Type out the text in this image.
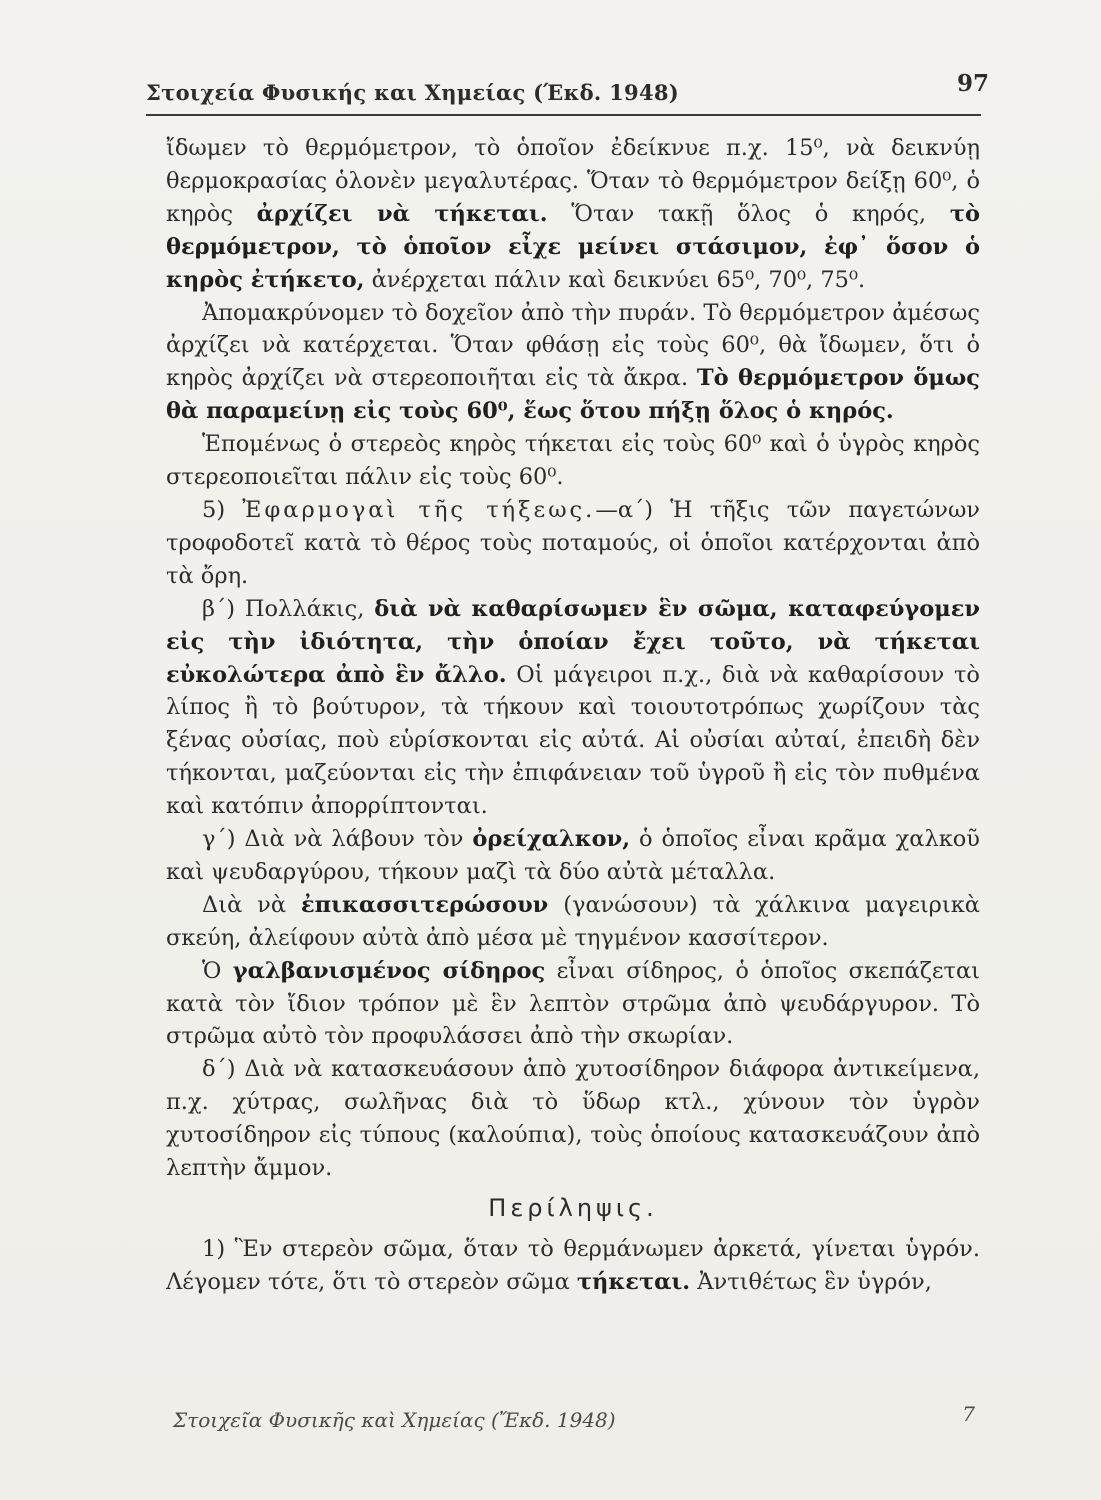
Στοιχεία Φυσικής και Χημείας (Έκδ. 1948)	97

ἴδωμεν τὸ θερμόμετρον, τὸ ὁποῖον ἐδείκνυε π.χ. 15⁰, νὰ δεικνύῃ θερμοκρασίας ὁλονὲν μεγαλυτέρας. Ὅταν τὸ θερμόμετρον δείξῃ 60⁰, ὁ κηρὸς ἀρχίζει νὰ τήκεται. Ὅταν τακῇ ὅλος ὁ κηρός, τὸ θερμόμετρον, τὸ ὁποῖον εἶχε μείνει στάσιμον, ἐφ᾽ ὅσον ὁ κηρὸς ἐτήκετο, ἀνέρχεται πάλιν καὶ δεικνύει 65⁰, 70⁰, 75⁰.

Ἀπομακρύνομεν τὸ δοχεῖον ἀπὸ τὴν πυράν. Τὸ θερμόμετρον ἀμέσως ἀρχίζει νὰ κατέρχεται. Ὅταν φθάσῃ εἰς τοὺς 60⁰, θὰ ἴδωμεν, ὅτι ὁ κηρὸς ἀρχίζει νὰ στερεοποιῆται εἰς τὰ ἄκρα. Τὸ θερμόμετρον ὅμως θὰ παραμείνῃ εἰς τοὺς 60⁰, ἕως ὅτου πήξῃ ὅλος ὁ κηρός.

Ἑπομένως ὁ στερεὸς κηρὸς τήκεται εἰς τοὺς 60⁰ καὶ ὁ ὑγρὸς κηρὸς στερεοποιεῖται πάλιν εἰς τοὺς 60⁰.

5) Ἐφαρμογαὶ τῆς τήξεως.—α΄) Ἡ τῆξις τῶν παγετώνων τροφοδοτεῖ κατὰ τὸ θέρος τοὺς ποταμούς, οἱ ὁποῖοι κατέρχονται ἀπὸ τὰ ὄρη.

β΄) Πολλάκις, διὰ νὰ καθαρίσωμεν ἓν σῶμα, καταφεύγομεν εἰς τὴν ἰδιότητα, τὴν ὁποίαν ἔχει τοῦτο, νὰ τήκεται εὐκολώτερα ἀπὸ ἓν ἄλλο. Οἱ μάγειροι π.χ., διὰ νὰ καθαρίσουν τὸ λίπος ἢ τὸ βούτυρον, τὰ τήκουν καὶ τοιουτοτρόπως χωρίζουν τὰς ξένας οὐσίας, ποὺ εὑρίσκονται εἰς αὐτά. Αἱ οὐσίαι αὐταί, ἐπειδὴ δὲν τήκονται, μαζεύονται εἰς τὴν ἐπιφάνειαν τοῦ ὑγροῦ ἢ εἰς τὸν πυθμένα καὶ κατόπιν ἀπορρίπτονται.

γ΄) Διὰ νὰ λάβουν τὸν ὀρείχαλκον, ὁ ὁποῖος εἶναι κρᾶμα χαλκοῦ καὶ ψευδαργύρου, τήκουν μαζὶ τὰ δύο αὐτὰ μέταλλα.

Διὰ νὰ ἐπικασσιτερώσουν (γανώσουν) τὰ χάλκινα μαγειρικὰ σκεύη, ἀλείφουν αὐτὰ ἀπὸ μέσα μὲ τηγμένον κασσίτερον.

Ὁ γαλβανισμένος σίδηρος εἶναι σίδηρος, ὁ ὁποῖος σκεπάζεται κατὰ τὸν ἴδιον τρόπον μὲ ἓν λεπτὸν στρῶμα ἀπὸ ψευδάργυρον. Τὸ στρῶμα αὐτὸ τὸν προφυλάσσει ἀπὸ τὴν σκωρίαν.

δ΄) Διὰ νὰ κατασκευάσουν ἀπὸ χυτοσίδηρον διάφορα ἀντικείμενα, π.χ. χύτρας, σωλῆνας διὰ τὸ ὕδωρ κτλ., χύνουν τὸν ὑγρὸν χυτοσίδηρον εἰς τύπους (καλούπια), τοὺς ὁποίους κατασκευάζουν ἀπὸ λεπτὴν ἄμμον.

Περίληψις.

1) Ἓν στερεὸν σῶμα, ὅταν τὸ θερμάνωμεν ἀρκετά, γίνεται ὑγρόν. Λέγομεν τότε, ὅτι τὸ στερεὸν σῶμα τήκεται. Ἀντιθέτως ἓν ὑγρόν,

Στοιχεῖα Φυσικῆς καὶ Χημείας (Ἔκδ. 1948)	7
